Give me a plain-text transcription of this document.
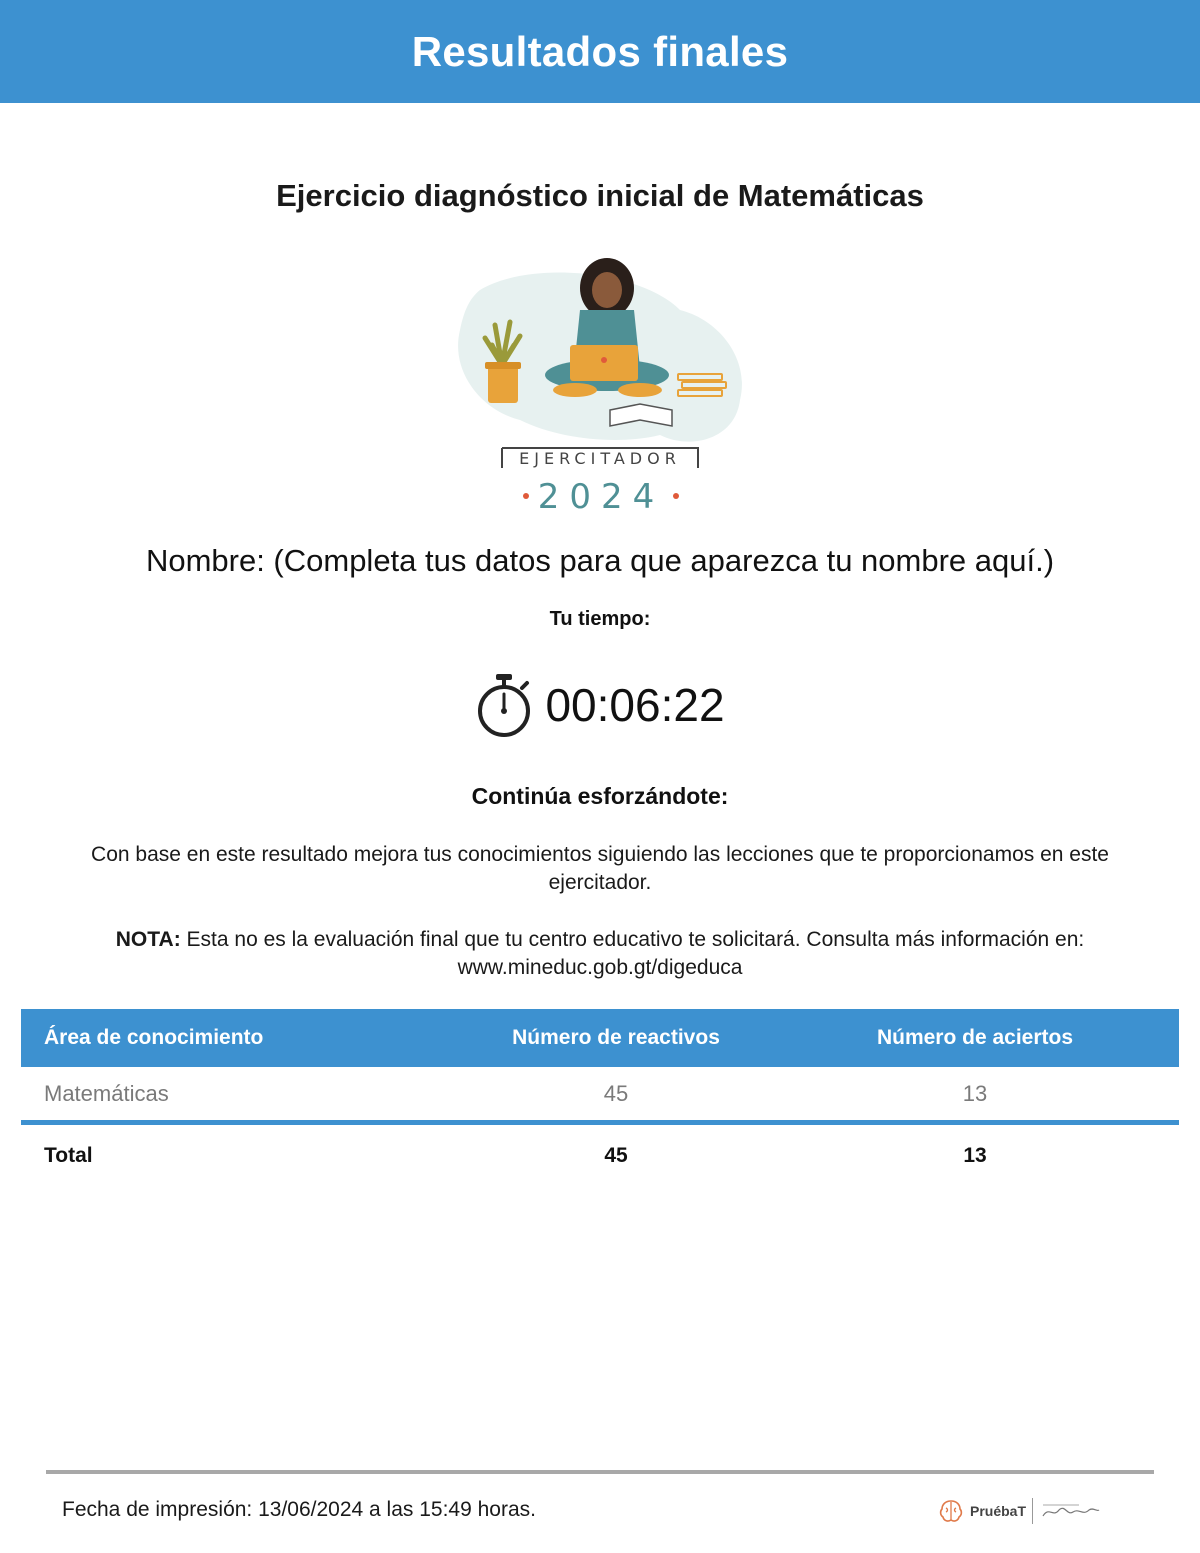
Resultados finales
Ejercicio diagnóstico inicial de Matemáticas
EJERCITADOR
2024
Nombre: (Completa tus datos para que aparezca tu nombre aquí.)
Tu tiempo:
00:06:22
Continúa esforzándote:
Con base en este resultado mejora tus conocimientos siguiendo las lecciones que te proporcionamos en este ejercitador.
NOTA: Esta no es la evaluación final que tu centro educativo te solicitará. Consulta más información en: www.mineduc.gob.gt/digeduca
Área de conocimiento	Número de reactivos	Número de aciertos
Matemáticas	45	13
Total	45	13
Fecha de impresión: 13/06/2024 a las 15:49 horas.	PruébaT
